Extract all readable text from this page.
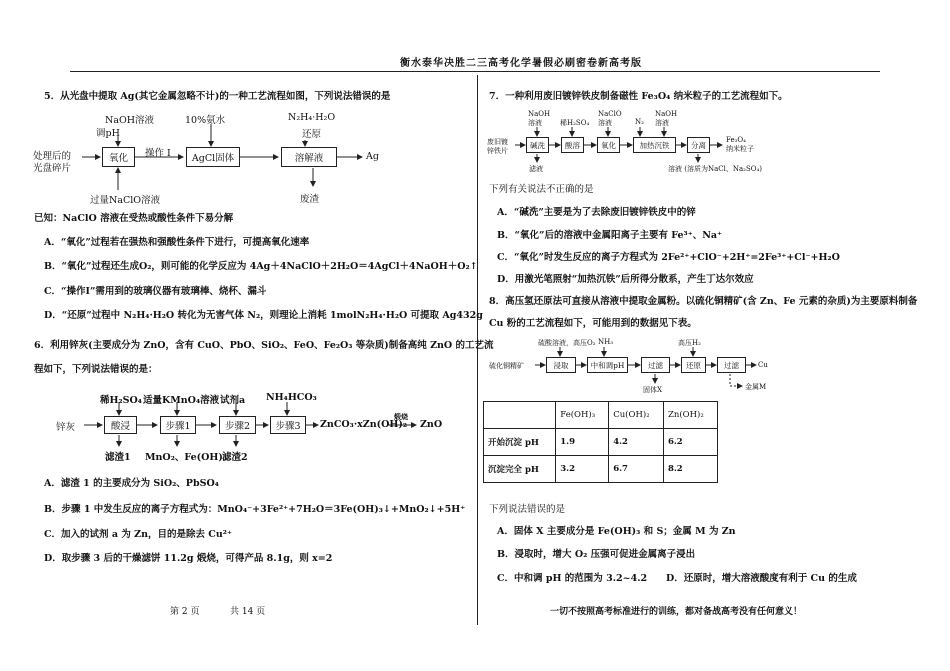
衡水泰华决胜二三高考化学暑假必刷密卷新高考版
5．从光盘中提取 Ag(其它金属忽略不计)的一种工艺流程如图，下列说法错误的是
处理后的
光盘碎片
NaOH溶液
调pH
10%氨水	N₂H₄·H₂O
还原
操作 Ⅰ
氧化	AgCl固体	溶解液	Ag
过量NaClO溶液	废渣
已知：NaClO 溶液在受热或酸性条件下易分解
A．“氧化”过程若在强热和强酸性条件下进行，可提高氧化速率
B．“氧化”过程还生成O₂，则可能的化学反应为 4Ag＋4NaClO＋2H₂O＝4AgCl＋4NaOH＋O₂↑
C．“操作Ⅰ”需用到的玻璃仪器有玻璃棒、烧杯、漏斗
D．“还原”过程中 N₂H₄·H₂O 转化为无害气体 N₂，则理论上消耗 1molN₂H₄·H₂O 可提取 Ag432g
6．利用锌灰(主要成分为 ZnO，含有 CuO、PbO、SiO₂、FeO、Fe₂O₃ 等杂质)制备高纯 ZnO 的工艺流
程如下，下列说法错误的是：
锌灰
稀H₂SO₄ 适量KMnO₄溶液 试剂a NH₄HCO₃
酸浸	步骤1	步骤2	步骤3	ZnCO₃·xZn(OH)₂
煅烧
ZnO
滤渣1 MnO₂、Fe(OH)₃
滤渣2
A．滤渣 1 的主要成分为 SiO₂、PbSO₄
B．步骤 1 中发生反应的离子方程式为：MnO₄⁻+3Fe²⁺+7H₂O＝3Fe(OH)₃↓+MnO₂↓+5H⁺
C．加入的试剂 a 为 Zn，目的是除去 Cu²⁺
D．取步骤 3 后的干燥滤饼 11.2g 煅烧，可得产品 8.1g，则 x=2
7．一种利用废旧镀锌铁皮制备磁性 Fe₃O₄ 纳米粒子的工艺流程如下。
废旧镀
锌铁片
NaOH
溶液	稀H₂SO₄
NaClO
溶液	N₂
NaOH
溶液
碱洗	酸溶	氧化	加热沉铁	分离
Fe₃O₄
纳米粒子
滤液	溶液 (溶质为NaCl、Na₂SO₄)
下列有关说法不正确的是
A．“碱洗”主要是为了去除废旧镀锌铁皮中的锌
B．“氧化”后的溶液中金属阳离子主要有 Fe³⁺、Na⁺
C．“氧化”时发生反应的离子方程式为 2Fe²⁺+ClO⁻+2H⁺=2Fe³⁺+Cl⁻+H₂O
D．用激光笔照射“加热沉铁”后所得分散系，产生丁达尔效应
8．高压氢还原法可直接从溶液中提取金属粉。以硫化铜精矿(含 Zn、Fe 元素的杂质)为主要原料制备
Cu 粉的工艺流程如下，可能用到的数据见下表。
硫化铜精矿
硫酸溶液，高压O₂ NH₃	高压H₂
浸取	中和调pH	过滤	还原	过滤	Cu
固体X	金属M
	Fe(OH)₃	Cu(OH)₂	Zn(OH)₂
开始沉淀 pH	1.9	4.2	6.2
沉淀完全 pH	3.2	6.7	8.2
下列说法错误的是
A．固体 X 主要成分是 Fe(OH)₃ 和 S；金属 M 为 Zn
B．浸取时，增大 O₂ 压强可促进金属离子浸出
C．中和调 pH 的范围为 3.2~4.2 D．还原时，增大溶液酸度有利于 Cu 的生成
第 2 页	共 14 页	一切不按照高考标准进行的训练，都对备战高考没有任何意义！
